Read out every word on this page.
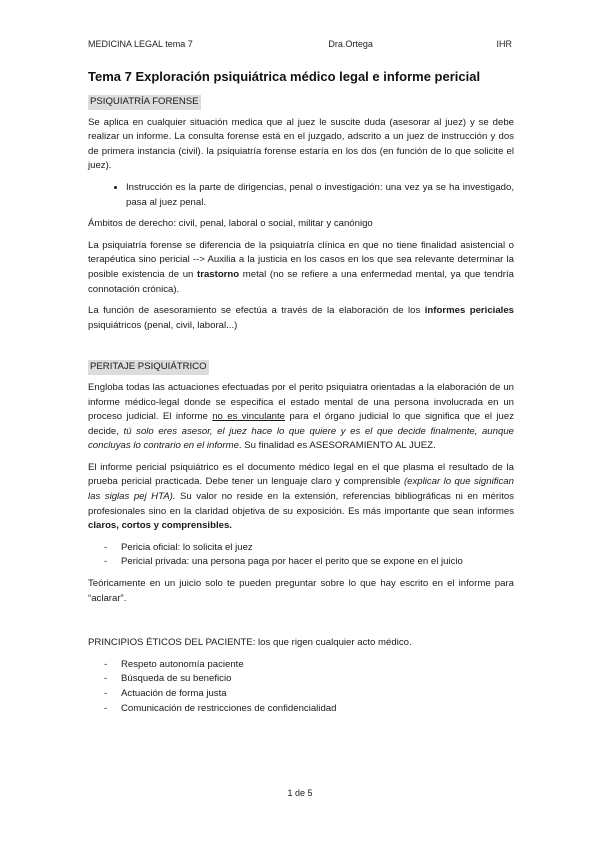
MEDICINA LEGAL tema 7	Dra.Ortega	IHR
Tema 7 Exploración psiquiátrica médico legal e informe pericial
PSIQUIATRÍA FORENSE

Se aplica en cualquier situación medica que al juez le suscite duda (asesorar al juez) y se debe realizar un informe. La consulta forense está en el juzgado, adscrito a un juez de instrucción y dos de primera instancia (civil). la psiquiatría forense estaría en los dos (en función de lo que solicite el juez).

• Instrucción es la parte de dirigencias, penal o investigación: una vez ya se ha investigado, pasa al juez penal.

Ámbitos de derecho: civil, penal, laboral o social, militar y canónigo

La psiquiatría forense se diferencia de la psiquiatría clínica en que no tiene finalidad asistencial o terapéutica sino pericial --> Auxilia a la justicia en los casos en los que sea relevante determinar la posible existencia de un trastorno metal (no se refiere a una enfermedad mental, ya que tendría connotación crónica).

La función de asesoramiento se efectúa a través de la elaboración de los informes periciales psiquiátricos (penal, civil, laboral...)

PERITAJE PSIQUIÁTRICO

Engloba todas las actuaciones efectuadas por el perito psiquiatra orientadas a la elaboración de un informe médico-legal donde se especifica el estado mental de una persona involucrada en un proceso judicial. El informe no es vinculante para el órgano judicial lo que significa que el juez decide, tú solo eres asesor, el juez hace lo que quiere y es el que decide finalmente, aunque concluyas lo contrario en el informe. Su finalidad es ASESORAMIENTO AL JUEZ.

El informe pericial psiquiátrico es el documento médico legal en el que plasma el resultado de la prueba pericial practicada. Debe tener un lenguaje claro y comprensible (explicar lo que significan las siglas pej HTA). Su valor no reside en la extensión, referencias bibliográficas ni en méritos profesionales sino en la claridad objetiva de su exposición. Es más importante que sean informes claros, cortos y comprensibles.

- Pericia oficial: lo solicita el juez
- Pericial privada: una persona paga por hacer el perito que se expone en el juicio

Teóricamente en un juicio solo te pueden preguntar sobre lo que hay escrito en el informe para “aclarar”.

PRINCIPIOS ÉTICOS DEL PACIENTE: los que rigen cualquier acto médico.

- Respeto autonomía paciente
- Búsqueda de su beneficio
- Actuación de forma justa
- Comunicación de restricciones de confidencialidad
1 de 5
